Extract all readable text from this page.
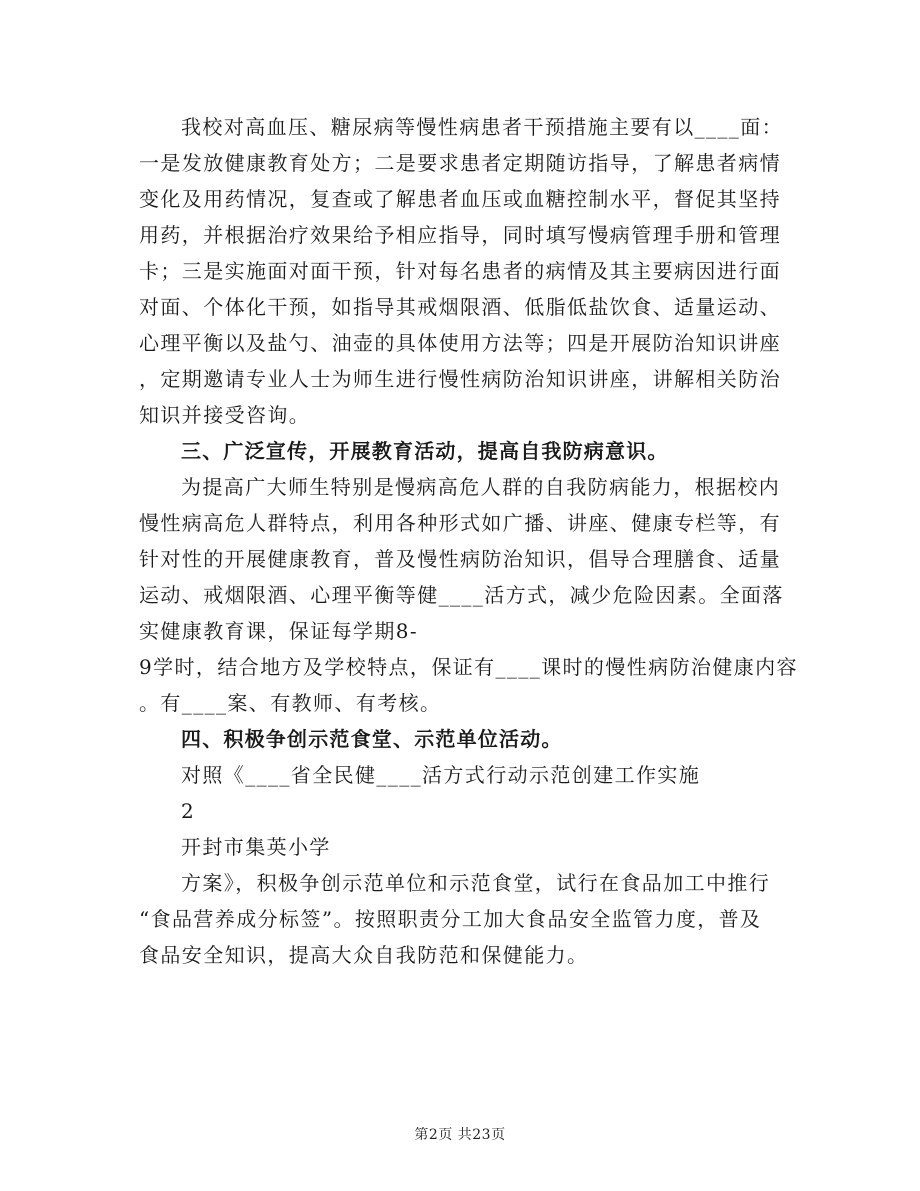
我校对高血压、糖尿病等慢性病患者干预措施主要有以____面：
一是发放健康教育处方；二是要求患者定期随访指导，了解患者病情
变化及用药情况，复查或了解患者血压或血糖控制水平，督促其坚持
用药，并根据治疗效果给予相应指导，同时填写慢病管理手册和管理
卡；三是实施面对面干预，针对每名患者的病情及其主要病因进行面
对面、个体化干预，如指导其戒烟限酒、低脂低盐饮食、适量运动、
心理平衡以及盐勺、油壶的具体使用方法等；四是开展防治知识讲座
，定期邀请专业人士为师生进行慢性病防治知识讲座，讲解相关防治
知识并接受咨询。
三、广泛宣传，开展教育活动，提高自我防病意识。
为提高广大师生特别是慢病高危人群的自我防病能力，根据校内
慢性病高危人群特点，利用各种形式如广播、讲座、健康专栏等，有
针对性的开展健康教育，普及慢性病防治知识，倡导合理膳食、适量
运动、戒烟限酒、心理平衡等健____活方式，减少危险因素。全面落
实健康教育课，保证每学期8-
9学时，结合地方及学校特点，保证有____课时的慢性病防治健康内容
。有____案、有教师、有考核。
四、积极争创示范食堂、示范单位活动。
对照《____省全民健____活方式行动示范创建工作实施
2
开封市集英小学
方案》，积极争创示范单位和示范食堂，试行在食品加工中推行
“食品营养成分标签”。按照职责分工加大食品安全监管力度，普及
食品安全知识，提高大众自我防范和保健能力。
第2页 共23页
